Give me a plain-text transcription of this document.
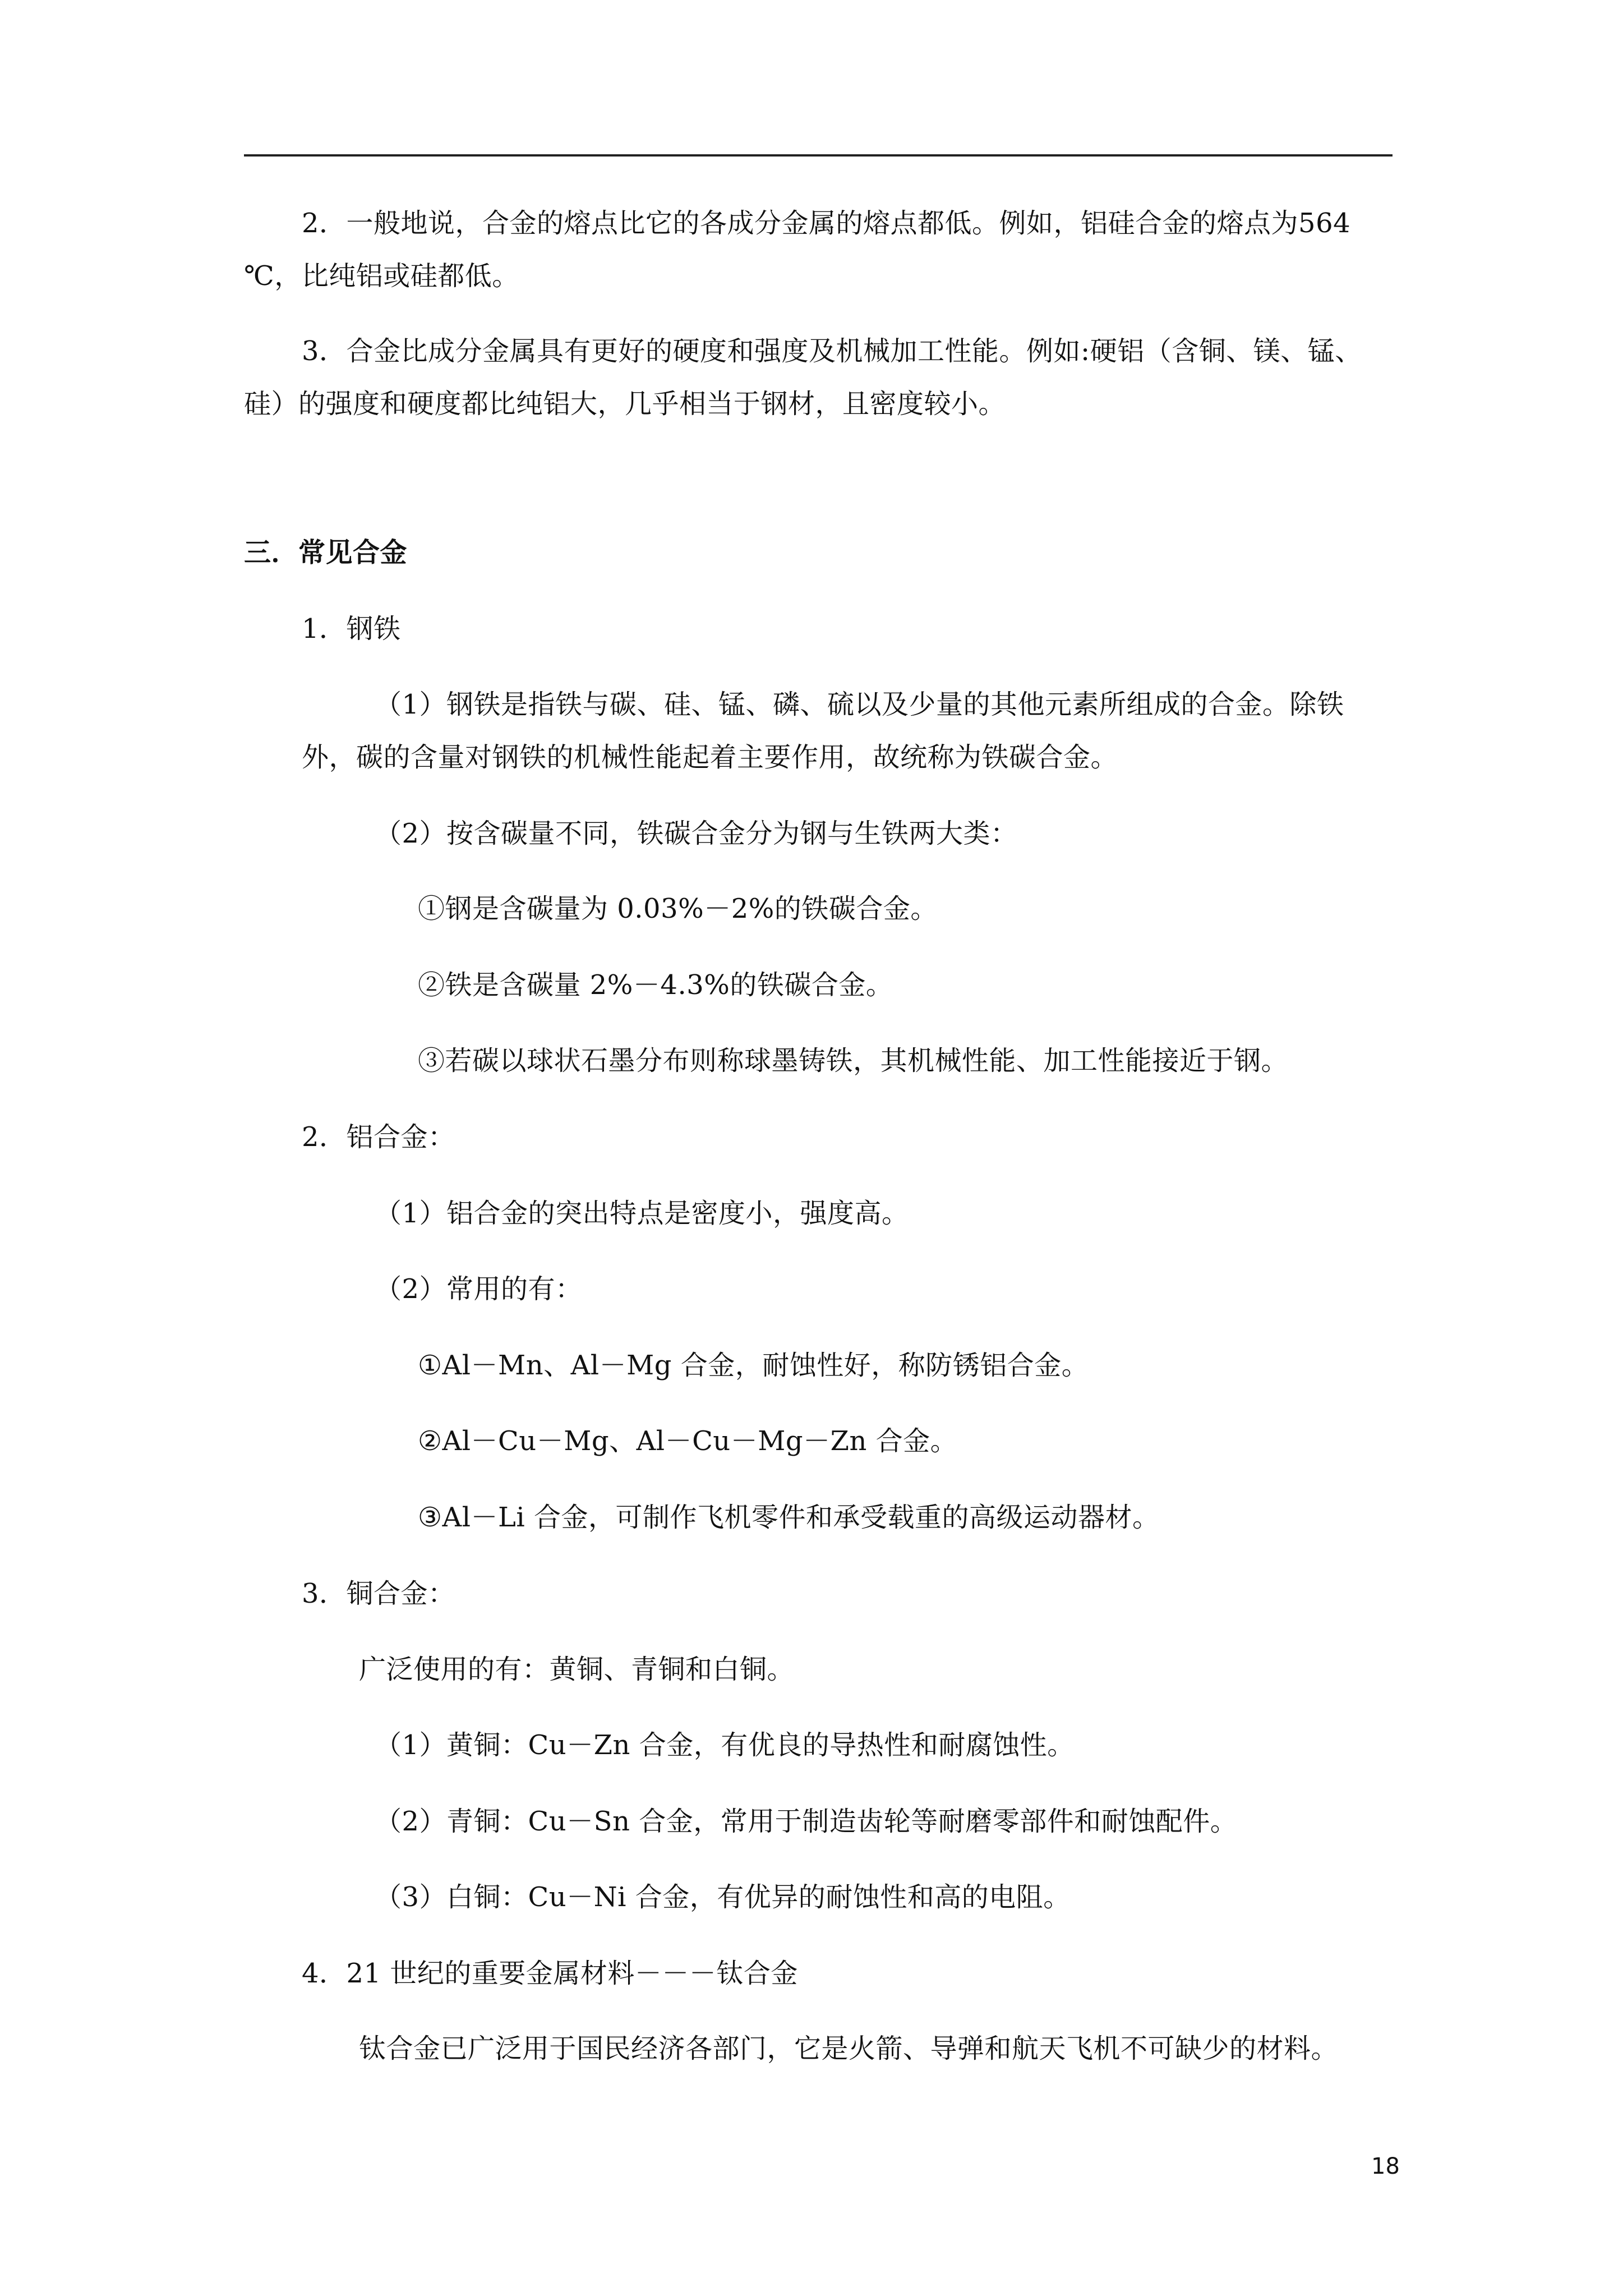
2．一般地说，合金的熔点比它的各成分金属的熔点都低。例如，铝硅合金的熔点为564
℃，比纯铝或硅都低。
3．合金比成分金属具有更好的硬度和强度及机械加工性能。例如:硬铝（含铜、镁、锰、
硅）的强度和硬度都比纯铝大，几乎相当于钢材，且密度较小。
三．常见合金
1．钢铁
（1）钢铁是指铁与碳、硅、锰、磷、硫以及少量的其他元素所组成的合金。除铁
外，碳的含量对钢铁的机械性能起着主要作用，故统称为铁碳合金。
（2）按含碳量不同，铁碳合金分为钢与生铁两大类：
①钢是含碳量为 0.03%－2%的铁碳合金。
②铁是含碳量 2%－4.3%的铁碳合金。
③若碳以球状石墨分布则称球墨铸铁，其机械性能、加工性能接近于钢。
2．铝合金：
（1）铝合金的突出特点是密度小，强度高。
（2）常用的有：
①Al－Mn、Al－Mg 合金，耐蚀性好，称防锈铝合金。
②Al－Cu－Mg、Al－Cu－Mg－Zn 合金。
③Al－Li 合金，可制作飞机零件和承受载重的高级运动器材。
3．铜合金：
广泛使用的有：黄铜、青铜和白铜。
（1）黄铜：Cu－Zn 合金，有优良的导热性和耐腐蚀性。
（2）青铜：Cu－Sn 合金，常用于制造齿轮等耐磨零部件和耐蚀配件。
（3）白铜：Cu－Ni 合金，有优异的耐蚀性和高的电阻。
4．21 世纪的重要金属材料－－－钛合金
钛合金已广泛用于国民经济各部门，它是火箭、导弹和航天飞机不可缺少的材料。
18
